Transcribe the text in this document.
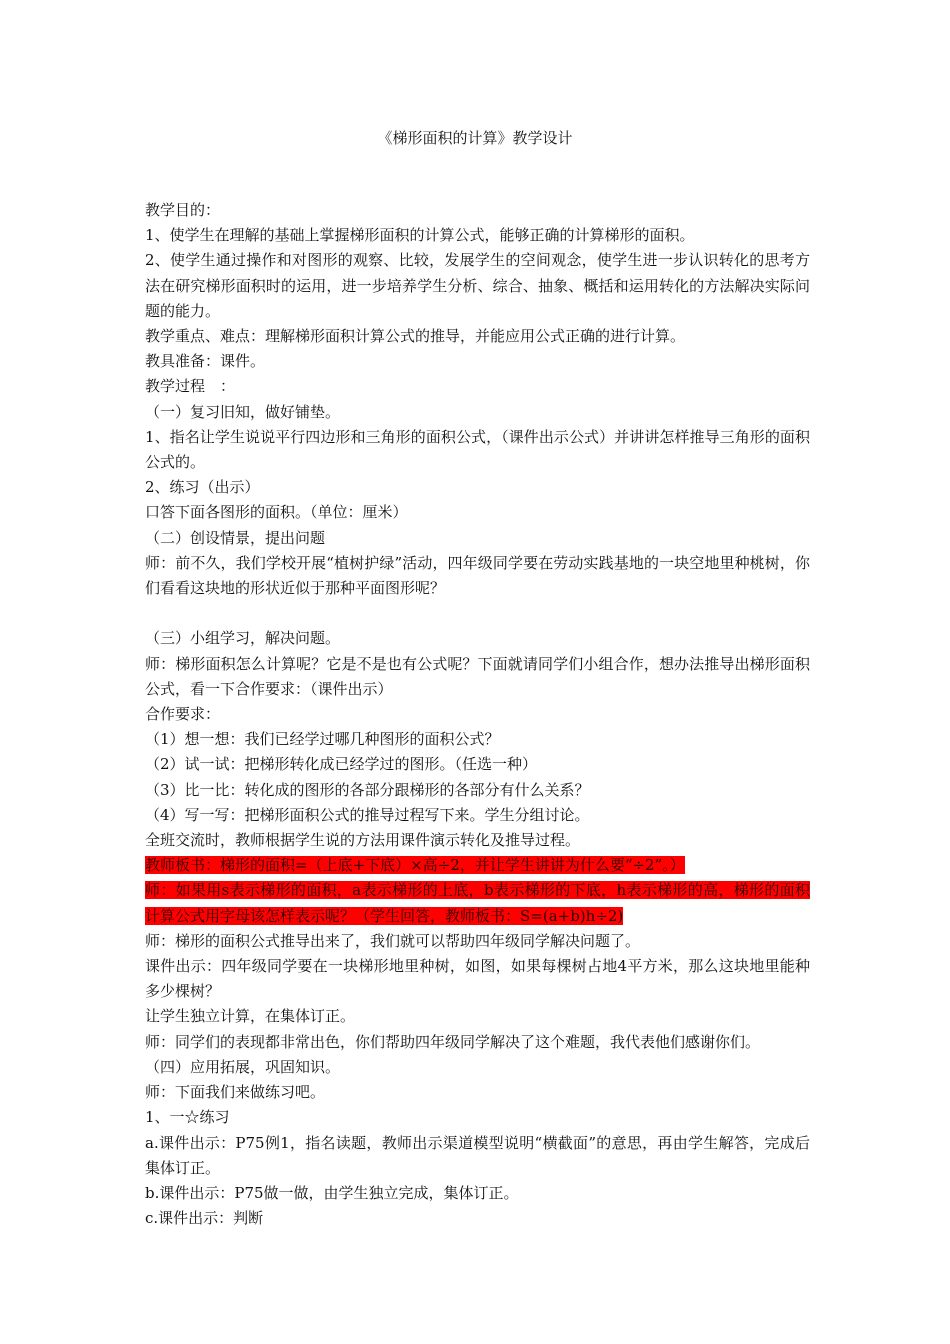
《梯形面积的计算》教学设计

教学目的：

1、使学生在理解的基础上掌握梯形面积的计算公式，能够正确的计算梯形的面积。

2、使学生通过操作和对图形的观察、比较，发展学生的空间观念，使学生进一步认识转化的思考方法在研究梯形面积时的运用，进一步培养学生分析、综合、抽象、概括和运用转化的方法解决实际问题的能力。

教学重点、难点：理解梯形面积计算公式的推导，并能应用公式正确的进行计算。

教具准备：课件。

教学过程　：

（一）复习旧知，做好铺垫。

1、指名让学生说说平行四边形和三角形的面积公式，（课件出示公式）并讲讲怎样推导三角形的面积公式的。

2、练习（出示）

口答下面各图形的面积。（单位：厘米）

（二）创设情景，提出问题

师：前不久，我们学校开展“植树护绿”活动，四年级同学要在劳动实践基地的一块空地里种桃树，你们看看这块地的形状近似于那种平面图形呢？

（三）小组学习，解决问题。

师：梯形面积怎么计算呢？它是不是也有公式呢？下面就请同学们小组合作，想办法推导出梯形面积公式，看一下合作要求：（课件出示）

合作要求：

（1）想一想：我们已经学过哪几种图形的面积公式？

（2）试一试：把梯形转化成已经学过的图形。（任选一种）

（3）比一比：转化成的图形的各部分跟梯形的各部分有什么关系？

（4）写一写：把梯形面积公式的推导过程写下来。学生分组讨论。

全班交流时，教师根据学生说的方法用课件演示转化及推导过程。

教师板书：梯形的面积=（上底+下底）×高÷2，并让学生讲讲为什么要“÷2”。）

师：如果用s表示梯形的面积，a表示梯形的上底，b表示梯形的下底，h表示梯形的高，梯形的面积计算公式用字母该怎样表示呢？（学生回答，教师板书：S=(a+b)h÷2)

师：梯形的面积公式推导出来了，我们就可以帮助四年级同学解决问题了。

课件出示：四年级同学要在一块梯形地里种树，如图，如果每棵树占地4平方米，那么这块地里能种多少棵树？

让学生独立计算，在集体订正。

师：同学们的表现都非常出色，你们帮助四年级同学解决了这个难题，我代表他们感谢你们。

（四）应用拓展，巩固知识。

师：下面我们来做练习吧。

1、一☆练习

a.课件出示：P75例1，指名读题，教师出示渠道模型说明“横截面”的意思，再由学生解答，完成后集体订正。

b.课件出示：P75做一做，由学生独立完成，集体订正。

c.课件出示：判断
